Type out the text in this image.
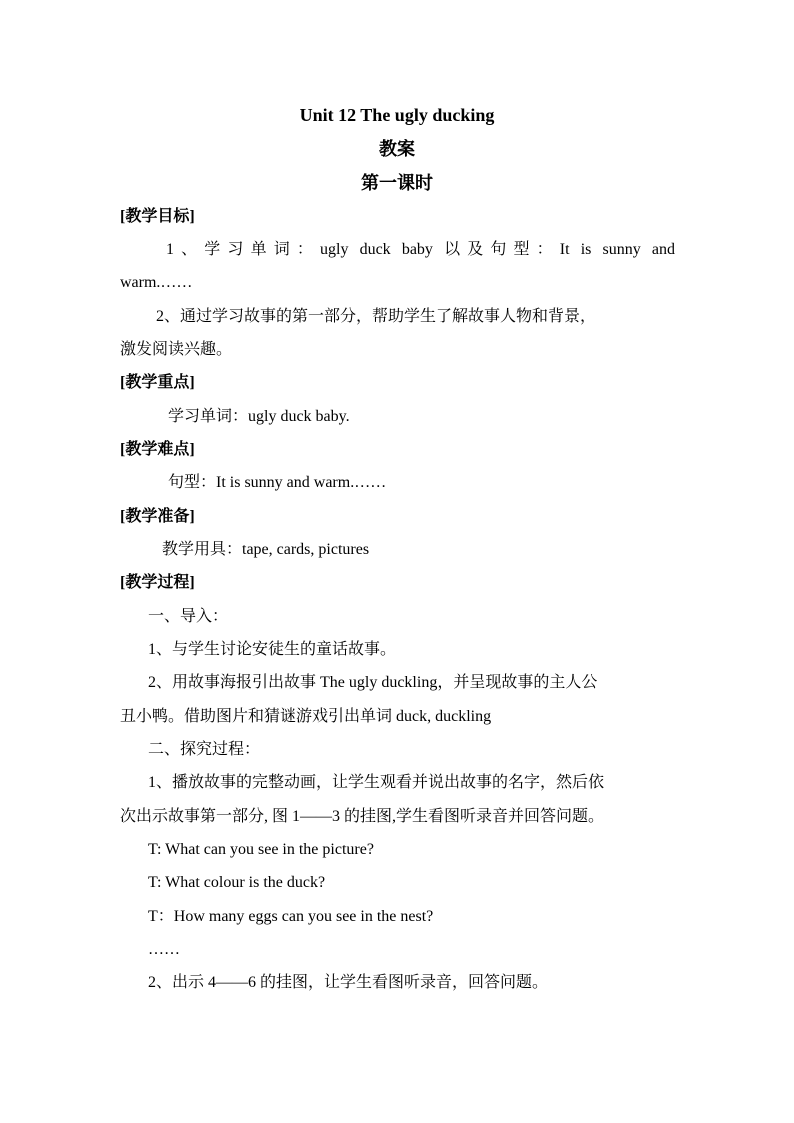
Unit 12 The ugly ducking
教案
第一课时
[教学目标]
1、学习单词：ugly duck baby 以及句型：It is sunny and
warm.……
2、通过学习故事的第一部分，帮助学生了解故事人物和背景，
激发阅读兴趣。
[教学重点]
学习单词：ugly duck baby.
[教学难点]
句型：It is sunny and warm.……
[教学准备]
教学用具：tape, cards, pictures
[教学过程]
一、导入：
1、与学生讨论安徒生的童话故事。
2、用故事海报引出故事 The ugly duckling，并呈现故事的主人公
丑小鸭。借助图片和猜谜游戏引出单词 duck, duckling
二、探究过程：
1、播放故事的完整动画，让学生观看并说出故事的名字，然后依
次出示故事第一部分, 图 1——3 的挂图,学生看图听录音并回答问题。
T: What can you see in the picture?
T: What colour is the duck?
T：How many eggs can you see in the nest?
……
2、出示 4——6 的挂图，让学生看图听录音，回答问题。
